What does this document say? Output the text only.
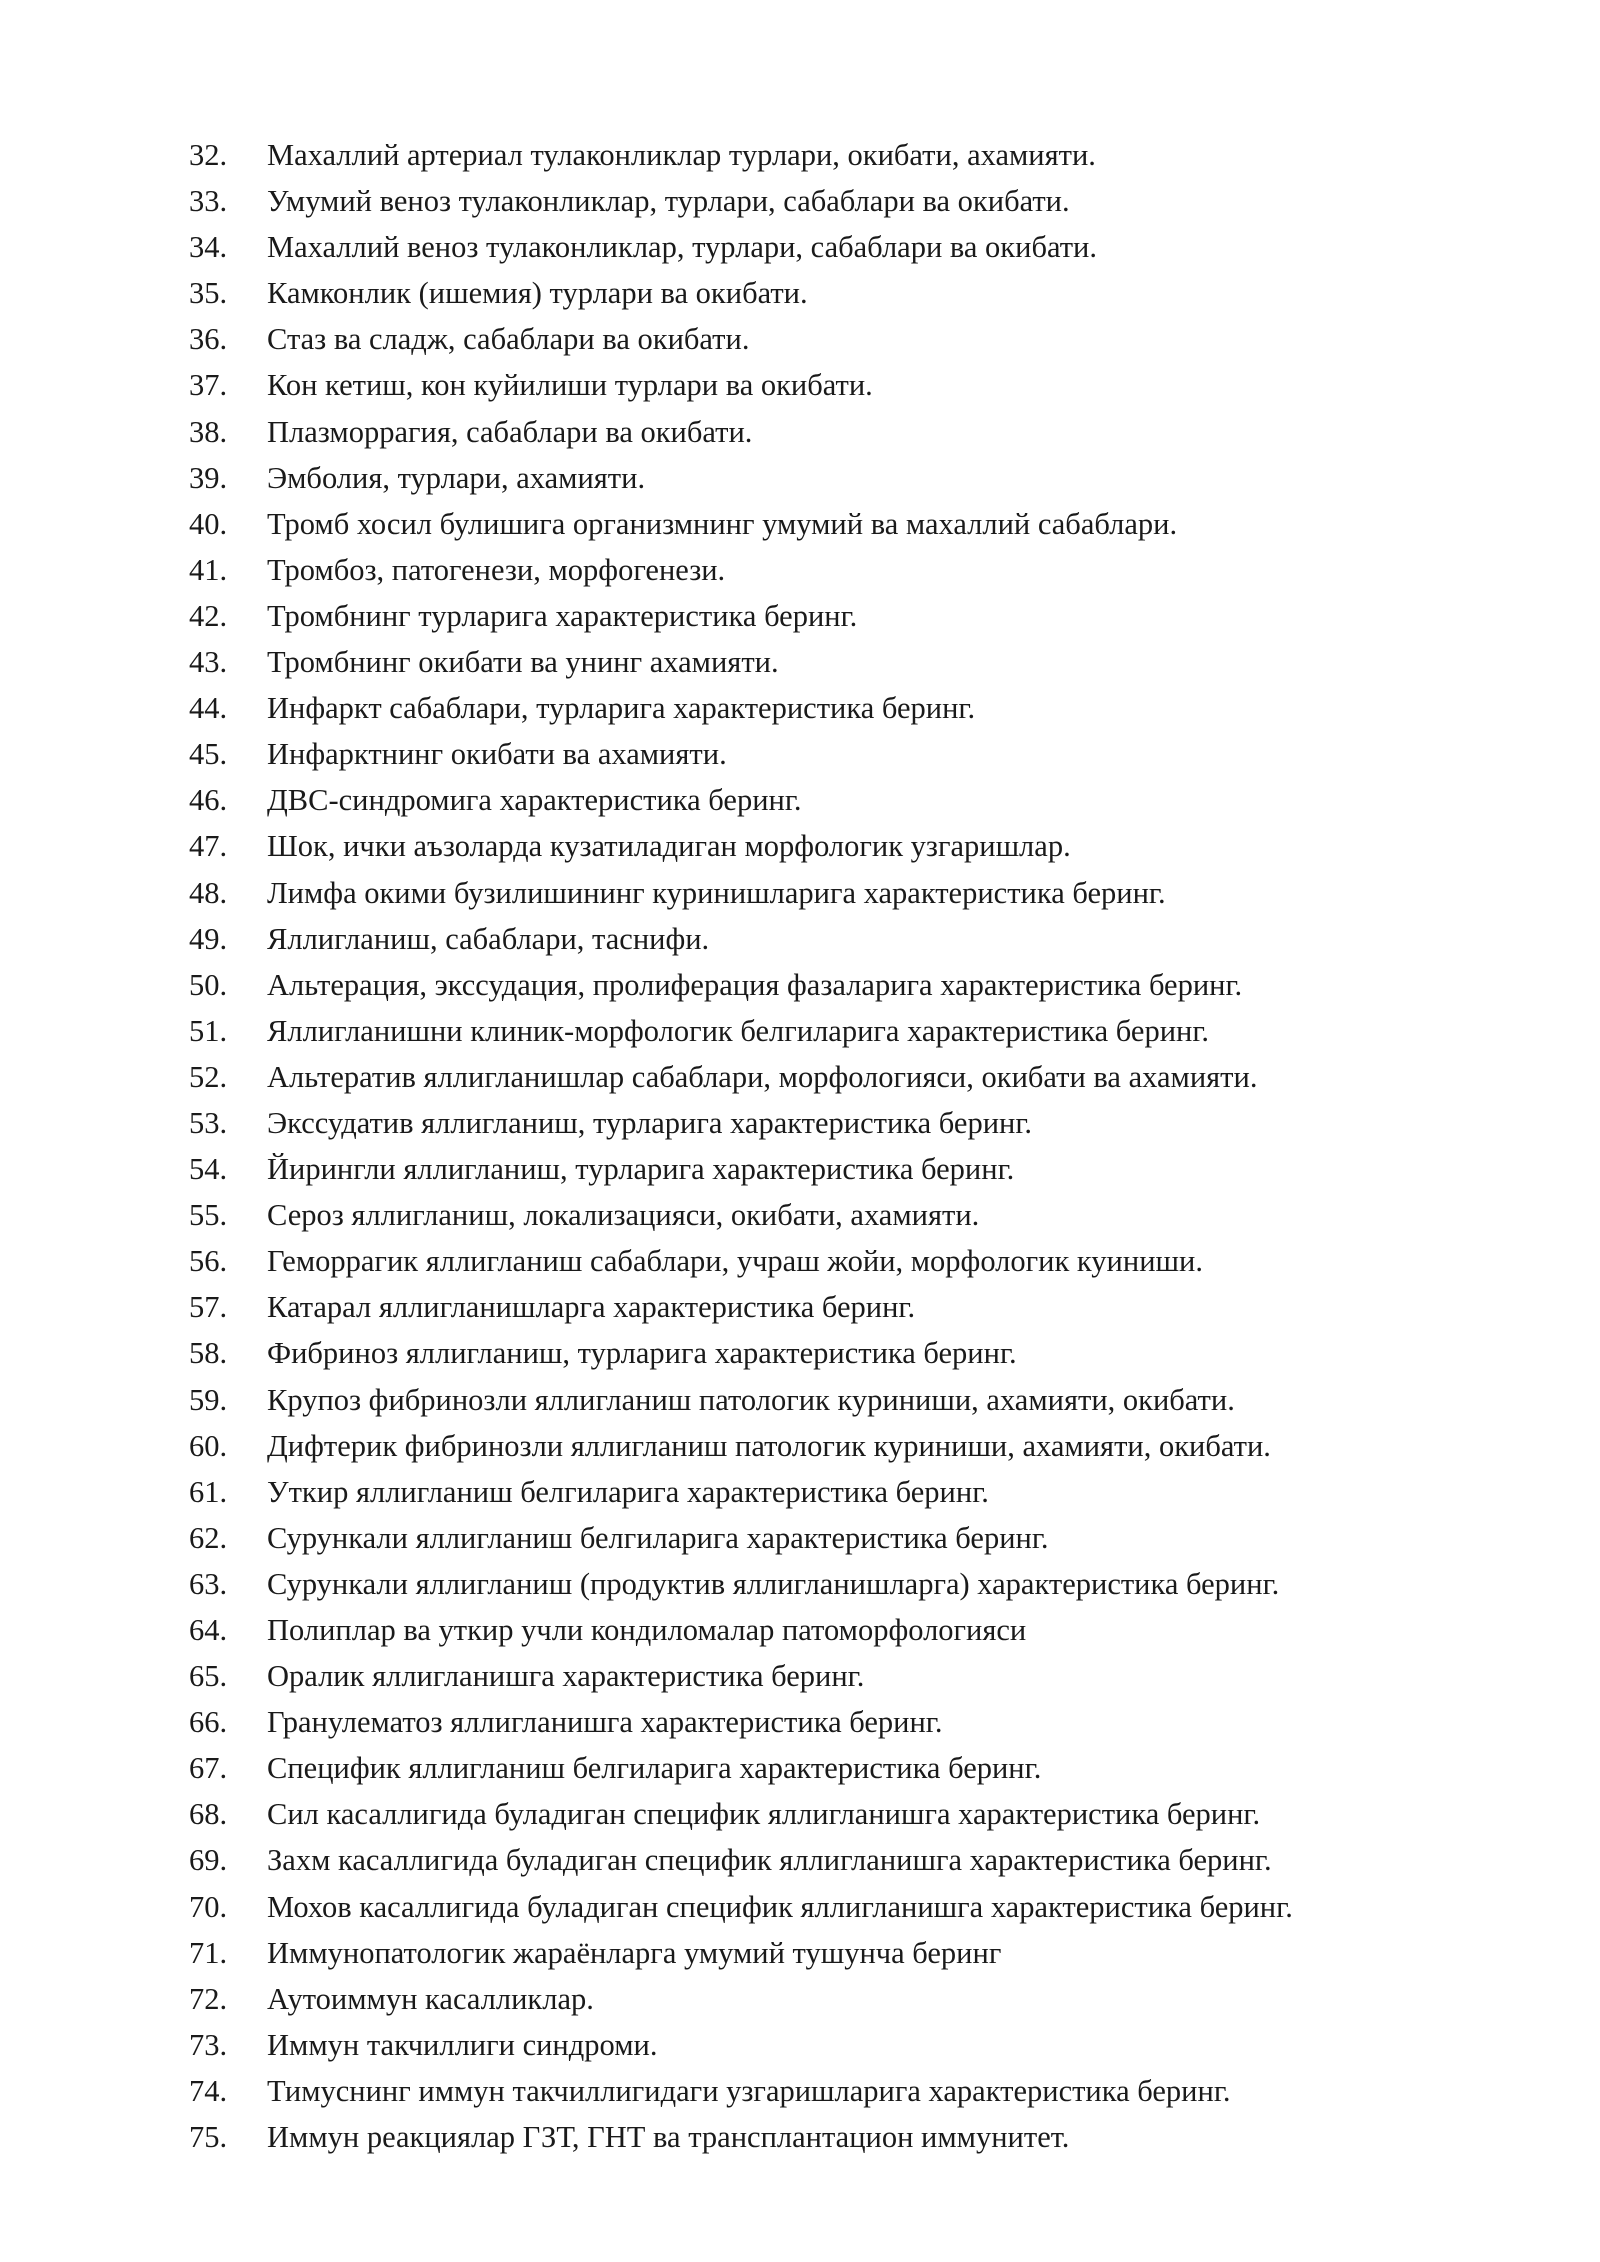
32. Махаллий артериал тулаконликлар турлари, окибати, ахамияти.
33. Умумий веноз тулаконликлар, турлари, сабаблари ва окибати.
34. Махаллий веноз тулаконликлар, турлари, сабаблари ва окибати.
35. Камконлик (ишемия) турлари ва окибати.
36. Стаз ва сладж, сабаблари ва окибати.
37. Кон кетиш, кон куйилиши турлари ва окибати.
38. Плазморрагия, сабаблари ва окибати.
39. Эмболия, турлари, ахамияти.
40. Тромб хосил булишига организмнинг умумий ва махаллий сабаблари.
41. Тромбоз, патогенези, морфогенези.
42. Тромбнинг турларига характеристика беринг.
43. Тромбнинг окибати ва унинг ахамияти.
44. Инфаркт сабаблари, турларига характеристика беринг.
45. Инфарктнинг окибати ва ахамияти.
46. ДВС-синдромига характеристика беринг.
47. Шок, ички аъзоларда кузатиладиган морфологик узгаришлар.
48. Лимфа окими бузилишининг куринишларига характеристика беринг.
49. Яллигланиш, сабаблари, таснифи.
50. Альтерация, экссудация, пролиферация фазаларига характеристика беринг.
51. Яллигланишни клиник-морфологик белгиларига характеристика беринг.
52. Альтератив яллигланишлар сабаблари, морфологияси, окибати ва ахамияти.
53. Экссудатив яллигланиш, турларига характеристика беринг.
54. Йирингли яллигланиш, турларига характеристика беринг.
55. Сероз яллигланиш, локализацияси, окибати, ахамияти.
56. Геморрагик яллигланиш сабаблари, учраш жойи, морфологик куиниши.
57. Катарал яллигланишларга характеристика беринг.
58. Фибриноз яллигланиш, турларига характеристика беринг.
59. Крупоз фибринозли яллигланиш патологик куриниши, ахамияти, окибати.
60. Дифтерик фибринозли яллигланиш патологик куриниши, ахамияти, окибати.
61. Уткир яллигланиш белгиларига характеристика беринг.
62. Сурункали яллигланиш белгиларига характеристика беринг.
63. Сурункали яллигланиш (продуктив яллигланишларга) характеристика беринг.
64. Полиплар ва уткир учли кондиломалар патоморфологияси
65. Оралик яллигланишга характеристика беринг.
66. Гранулематоз яллигланишга характеристика беринг.
67. Специфик яллигланиш белгиларига характеристика беринг.
68. Сил касаллигида буладиган специфик яллигланишга характеристика беринг.
69. Захм касаллигида буладиган специфик яллигланишга характеристика беринг.
70. Мохов касаллигида буладиган специфик яллигланишга характеристика беринг.
71. Иммунопатологик жараёнларга умумий тушунча беринг
72. Аутоиммун касалликлар.
73. Иммун такчиллиги синдроми.
74. Тимуснинг иммун такчиллигидаги узгаришларига характеристика беринг.
75. Иммун реакциялар ГЗТ, ГНТ ва трансплантацион иммунитет.
